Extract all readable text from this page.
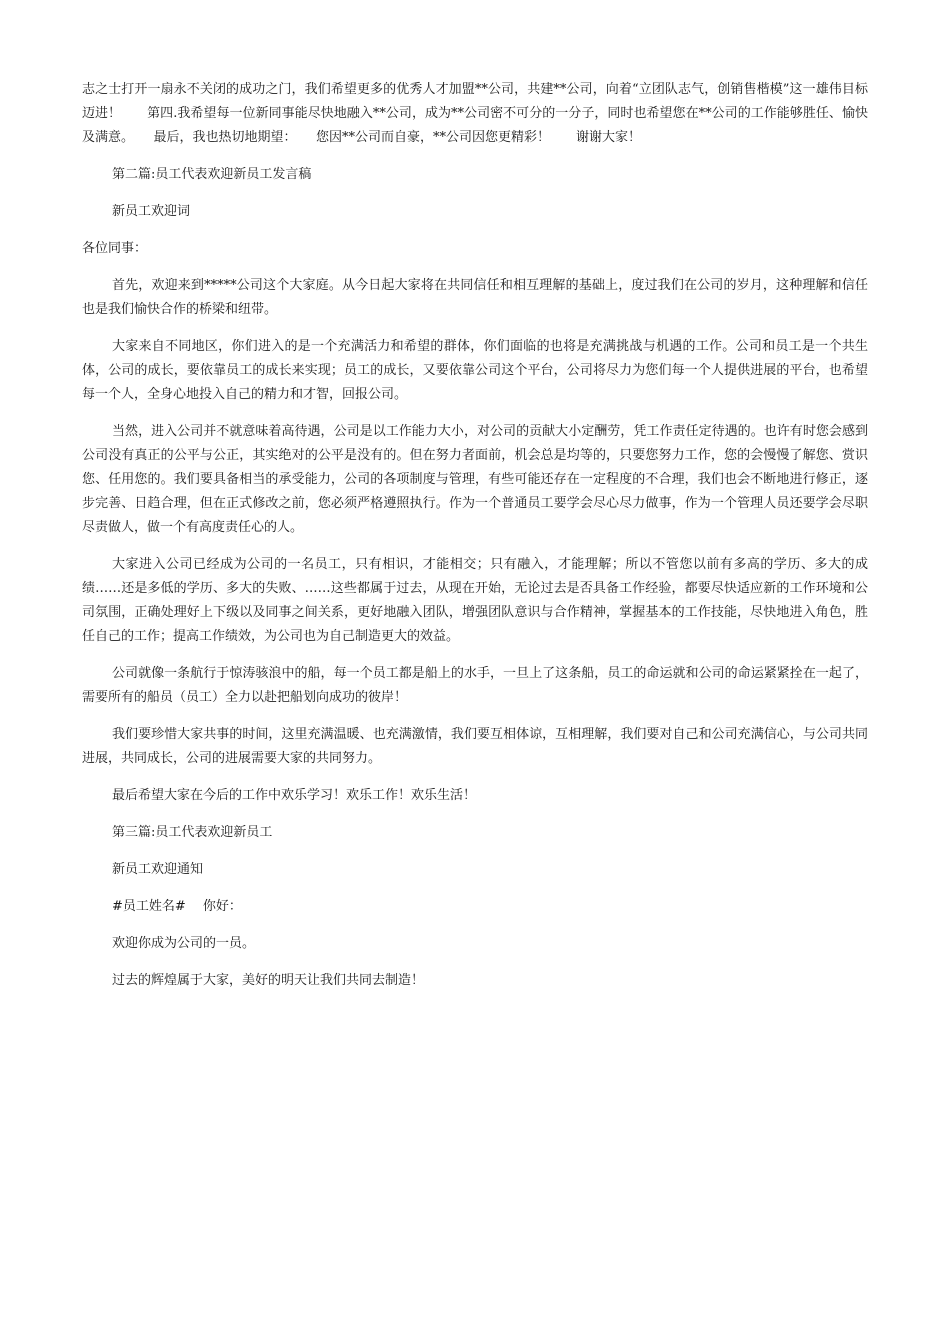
志之士打开一扇永不关闭的成功之门，我们希望更多的优秀人才加盟**公司，共建**公司，向着“立团队志气，创销售楷模”这一雄伟目标迈进！　　第四.我希望每一位新同事能尽快地融入**公司，成为**公司密不可分的一分子，同时也希望您在**公司的工作能够胜任、愉快及满意。　　最后，我也热切地期望：　　您因**公司而自豪，**公司因您更精彩！　　谢谢大家！

第二篇:员工代表欢迎新员工发言稿

新员工欢迎词

各位同事：

首先，欢迎来到*****公司这个大家庭。从今日起大家将在共同信任和相互理解的基础上，度过我们在公司的岁月，这种理解和信任也是我们愉快合作的桥梁和纽带。

大家来自不同地区，你们进入的是一个充满活力和希望的群体，你们面临的也将是充满挑战与机遇的工作。公司和员工是一个共生体，公司的成长，要依靠员工的成长来实现；员工的成长，又要依靠公司这个平台，公司将尽力为您们每一个人提供进展的平台，也希望每一个人，全身心地投入自己的精力和才智，回报公司。

当然，进入公司并不就意味着高待遇，公司是以工作能力大小，对公司的贡献大小定酬劳，凭工作责任定待遇的。也许有时您会感到公司没有真正的公平与公正，其实绝对的公平是没有的。但在努力者面前，机会总是均等的，只要您努力工作，您的会慢慢了解您、赏识您、任用您的。我们要具备相当的承受能力，公司的各项制度与管理，有些可能还存在一定程度的不合理，我们也会不断地进行修正，逐步完善、日趋合理，但在正式修改之前，您必须严格遵照执行。作为一个普通员工要学会尽心尽力做事，作为一个管理人员还要学会尽职尽责做人，做一个有高度责任心的人。

大家进入公司已经成为公司的一名员工，只有相识，才能相交；只有融入，才能理解；所以不管您以前有多高的学历、多大的成绩……还是多低的学历、多大的失败、……这些都属于过去，从现在开始，无论过去是否具备工作经验，都要尽快适应新的工作环境和公司氛围，正确处理好上下级以及同事之间关系，更好地融入团队，增强团队意识与合作精神，掌握基本的工作技能，尽快地进入角色，胜任自己的工作；提高工作绩效，为公司也为自己制造更大的效益。

公司就像一条航行于惊涛骇浪中的船，每一个员工都是船上的水手，一旦上了这条船，员工的命运就和公司的命运紧紧拴在一起了，需要所有的船员（员工）全力以赴把船划向成功的彼岸！

我们要珍惜大家共事的时间，这里充满温暖、也充满激情，我们要互相体谅，互相理解，我们要对自己和公司充满信心，与公司共同进展，共同成长，公司的进展需要大家的共同努力。

最后希望大家在今后的工作中欢乐学习！欢乐工作！欢乐生活！

第三篇:员工代表欢迎新员工

新员工欢迎通知

#员工姓名#　 你好：

欢迎你成为公司的一员。

过去的辉煌属于大家，美好的明天让我们共同去制造！
